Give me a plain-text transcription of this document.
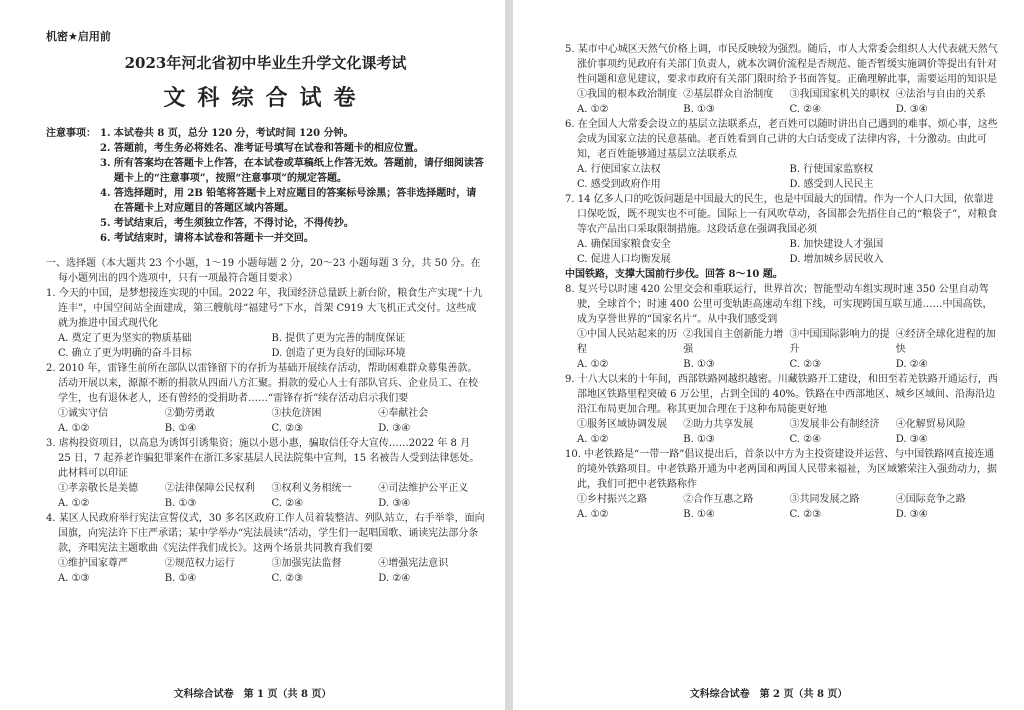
机密★启用前
2023年河北省初中毕业生升学文化课考试
文科综合试卷
注意事项： 1. 本试卷共 8 页，总分 120 分，考试时间 120 分钟。
2. 答题前，考生务必将姓名、准考证号填写在试卷和答题卡的相应位置。
3. 所有答案均在答题卡上作答，在本试卷或草稿纸上作答无效。答题前，请仔细阅读答题卡上的“注意事项”，按照“注意事项”的规定答题。
4. 答选择题时，用 2B 铅笔将答题卡上对应题目的答案标号涂黑；答非选择题时，请在答题卡上对应题目的答题区域内答题。
5. 考试结束后，考生须独立作答，不得讨论，不得传抄。
6. 考试结束时，请将本试卷和答题卡一并交回。
一、选择题（本大题共 23 个小题，1～19 小题每题 2 分，20～23 小题每题 3 分，共 50 分。在每小题列出的四个选项中，只有一项最符合题目要求）
1. 今天的中国，是梦想接连实现的中国。2022 年，我国经济总量跃上新台阶，粮食生产实现“十九连丰”，中国空间站全面建成，第三艘航母“福建号”下水，首架 C919 大飞机正式交付。这些成就为推进中国式现代化
A. 奠定了更为坚实的物质基础	B. 提供了更为完善的制度保证
C. 确立了更为明确的奋斗目标	D. 创造了更为良好的国际环境
2. 2010 年，雷锋生前所在部队以雷锋留下的存折为基础开展续存活动，帮助困难群众募集善款。活动开展以来，源源不断的捐款从四面八方汇聚。捐款的爱心人士有部队官兵、企业员工、在校学生，也有退休老人，还有曾经的受捐助者……“雷锋存折”续存活动启示我们要
①诚实守信	②勤劳勇敢	③扶危济困	④奉献社会
A. ①②	B. ①④	C. ②③	D. ③④
3. 虐构投资项目，以高息为诱饵引诱集资；施以小恩小惠，骗取信任夺大宣传……2022 年 8 月 25 日，7 起养老诈骗犯罪案件在浙江多家基层人民法院集中宣判，15 名被告人受到法律惩处。此材料可以印证
①孝亲敬长是美德	②法律保障公民权利	③权利义务相统一	④司法维护公平正义
A. ①②	B. ①③	C. ②④	D. ③④
4. 某区人民政府举行宪法宣誓仪式，30 多名区政府工作人员着装整洁、列队站立，右手举拳，面向国旗，向宪法许下庄严承诺；某中学举办“宪法晨读”活动，学生们一起唱国歌、诵读宪法部分条款，齐唱宪法主题歌曲《宪法伴我们成长》。这两个场景共同教育我们要
①维护国家尊严	②规范权力运行	③加强宪法监督	④增强宪法意识
A. ①③	B. ①④	C. ②③	D. ②④
文科综合试卷　第 1 页（共 8 页）
5. 某市中心城区天然气价格上调，市民反映较为强烈。随后，市人大常委会组织人大代表就天然气涨价事项约见政府有关部门负责人，就本次调价流程是否规范、能否暂缓实施调价等提出有针对性问题和意见建议，要求市政府有关部门限时给予书面答复。正确理解此事，需要运用的知识是
①我国的根本政治制度 ②基层群众自治制度	③我国国家机关的职权 ④法治与自由的关系
A. ①②	B. ①③	C. ②④	D. ③④
6. 在全国人大常委会设立的基层立法联系点，老百姓可以随时讲出自己遇到的难事、烦心事，这些会成为国家立法的民意基础。老百姓看到自己讲的大白话变成了法律内容，十分激动。由此可知，老百姓能够通过基层立法联系点
A. 行使国家立法权	B. 行使国家监察权
C. 感受到政府作用	D. 感受到人民民主
7. 14 亿多人口的吃饭问题是中国最大的民生，也是中国最大的国情。作为一个人口大国，依靠进口保吃饭，既不现实也不可能。国际上一有风吹草动，各国都会先捂住自己的“粮袋子”，对粮食等农产品出口采取限制措施。这段话意在强调我国必须
A. 确保国家粮食安全	B. 加快建设人才强国
C. 促进人口均衡发展	D. 增加城乡居民收入
中国铁路，支撑大国前行步伐。回答 8～10 题。
8. 复兴号以时速 420 公里交会和重联运行，世界首次；智能型动车组实现时速 350 公里自动驾驶，全球首个；时速 400 公里可变轨距高速动车组下线，可实现跨国互联互通……中国高铁，成为享誉世界的“国家名片”。从中我们感受到
①中国人民站起来的历程
②我国自主创新能力增强
③中国国际影响力的提升
④经济全球化进程的加快
A. ①②	B. ①③	C. ②③	D. ②④
9. 十八大以来的十年间，西部铁路网越织越密。川藏铁路开工建设，和田至若羌铁路开通运行，西部地区铁路里程突破 6 万公里，占到全国的 40%。铁路在中西部地区、城乡区域间、沿海沿边沿江布局更加合理。称其更加合理在于这种布局能更好地
①服务区域协调发展	②助力共享发展	③发展非公有制经济	④化解贸易风险
A. ①②	B. ①③	C. ②④	D. ③④
10. 中老铁路是“一带一路”倡议提出后，首条以中方为主投资建设并运营、与中国铁路网直接连通的境外铁路项目。中老铁路开通为中老两国和两国人民带来福祉，为区域繁荣注入强劲动力，据此，我们可把中老铁路称作
①乡村振兴之路	②合作互惠之路	③共同发展之路	④国际竞争之路
A. ①②	B. ①④	C. ②③	D. ③④
文科综合试卷　第 2 页（共 8 页）
